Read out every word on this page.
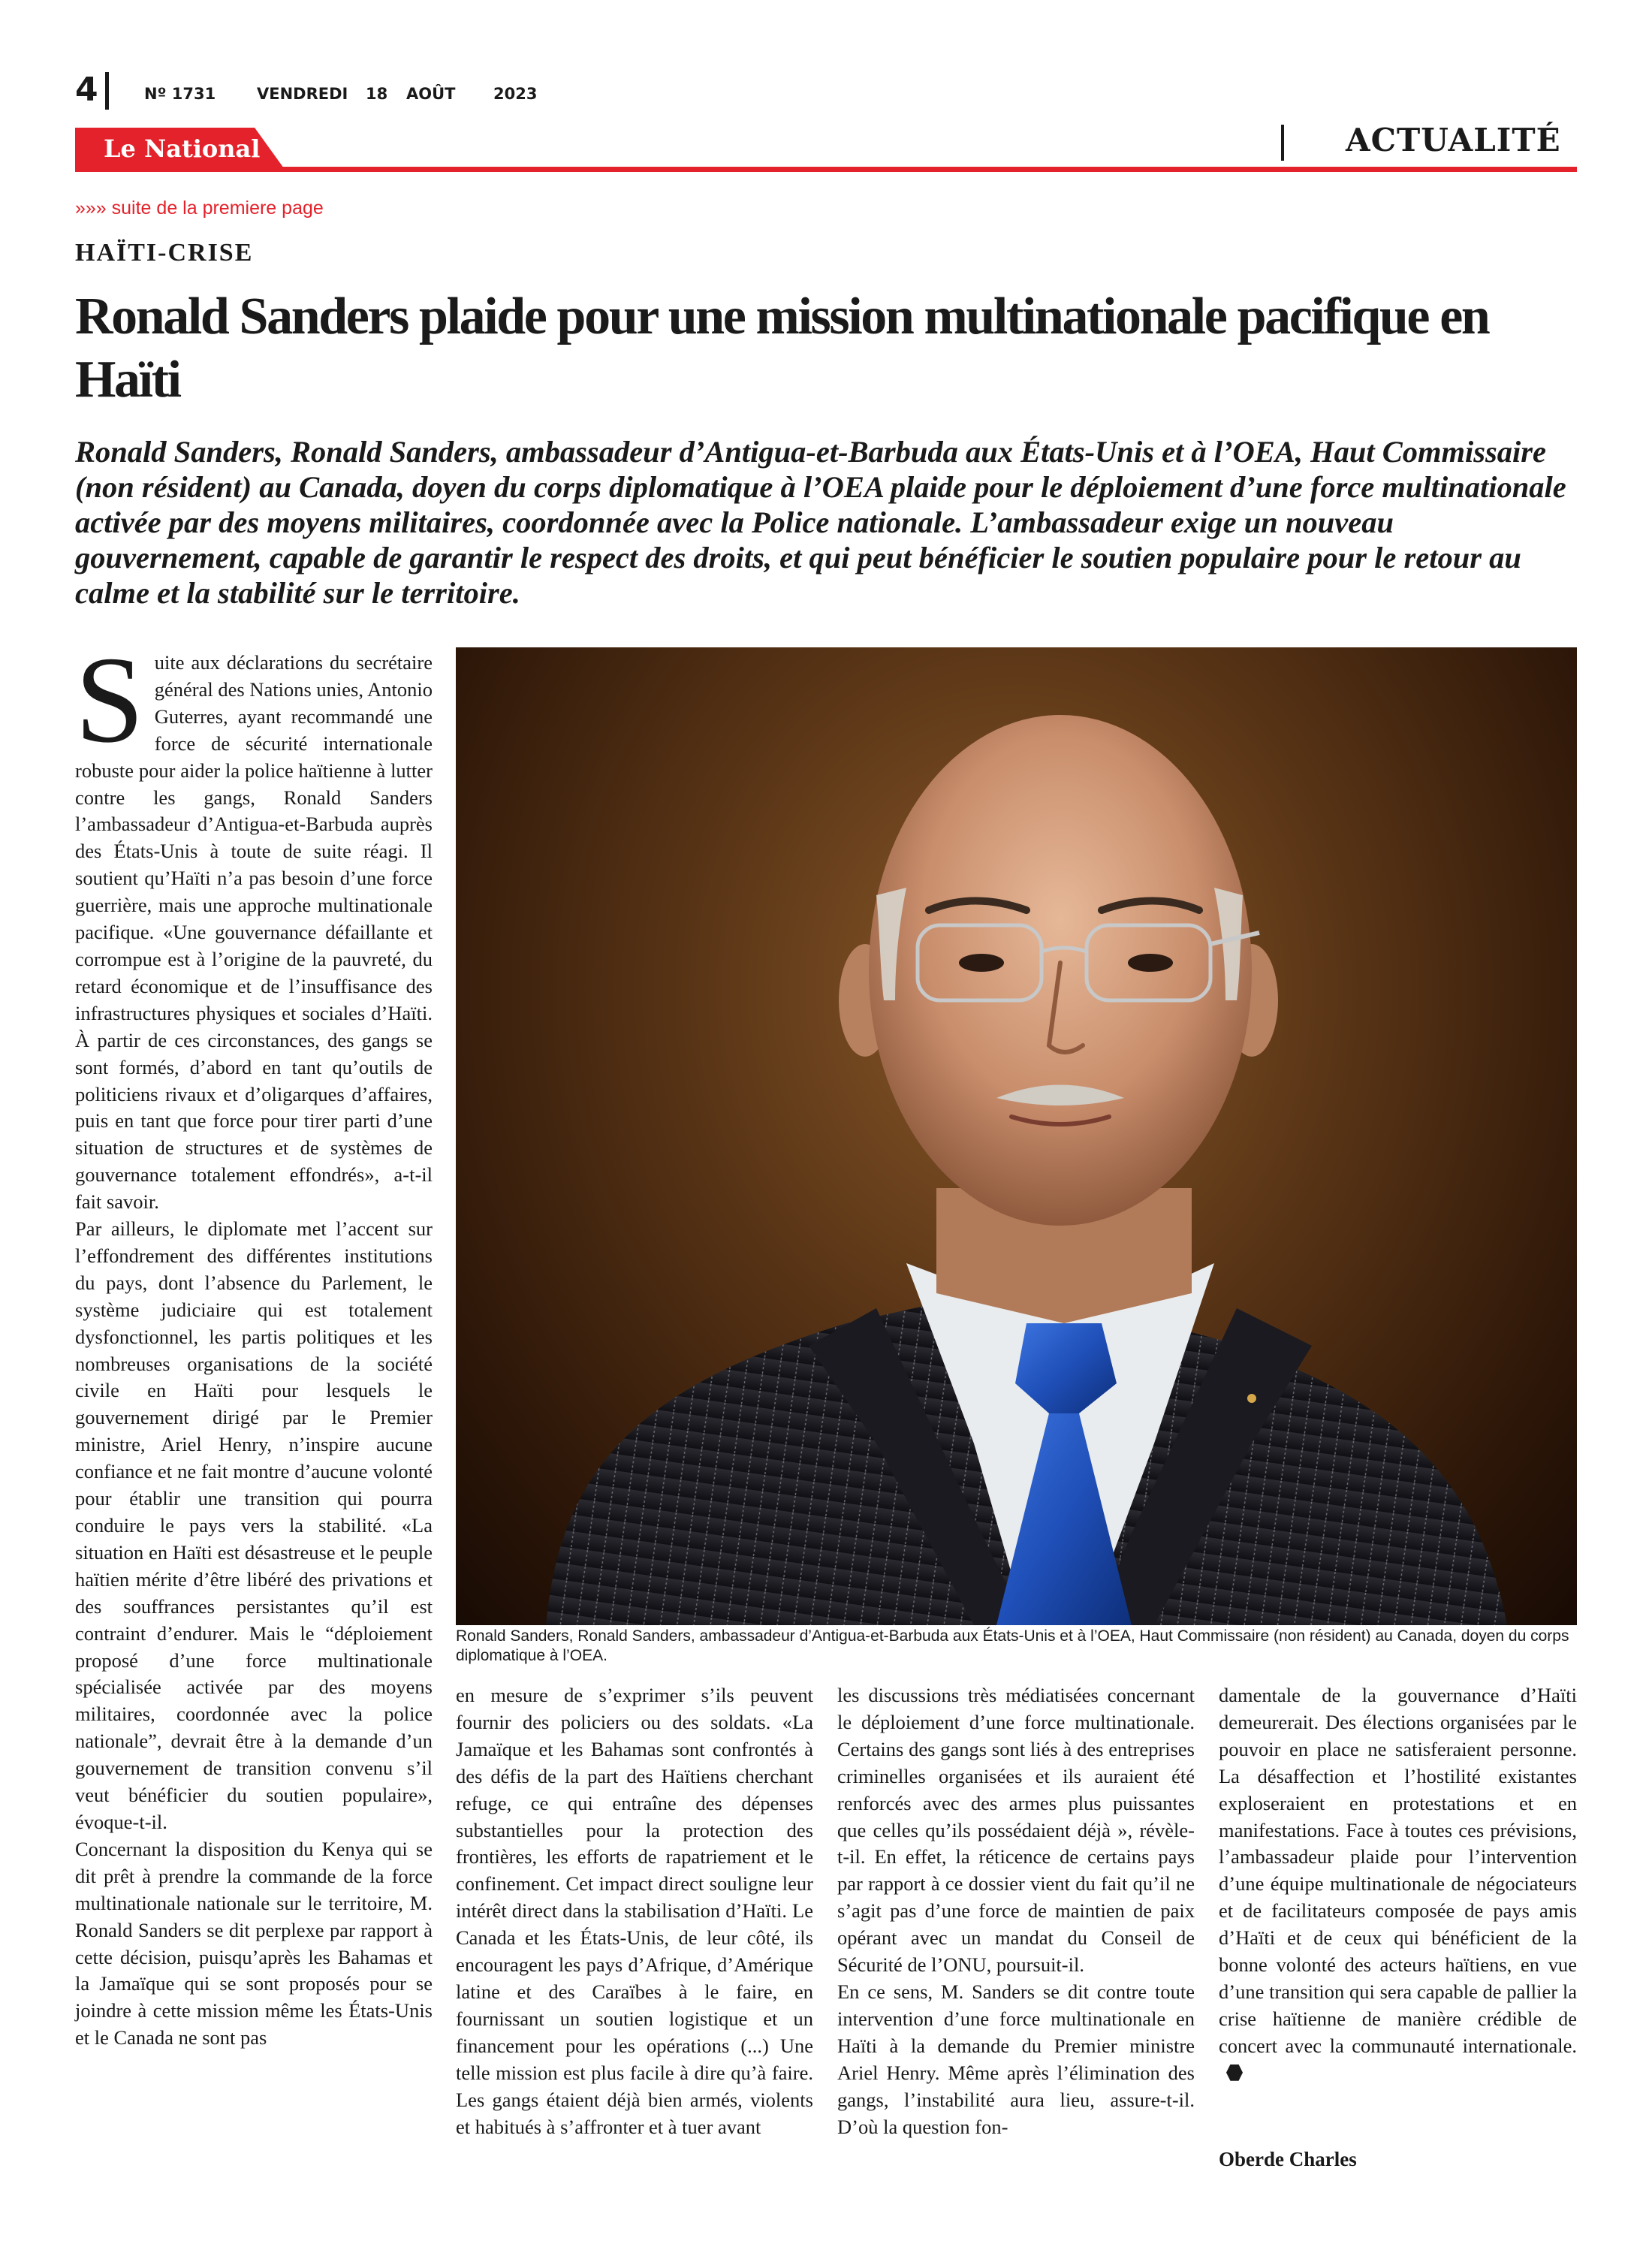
4	Nº 1731	VENDREDI 18 AOÛT 2023
Le National	ACTUALITÉ
»»» suite de la premiere page
HAÏTI-CRISE
Ronald Sanders plaide pour une mission multinationale pacifique en Haïti

Ronald Sanders, Ronald Sanders, ambassadeur d’Antigua-et-Barbuda aux États-Unis et à l’OEA, Haut Commissaire (non résident) au Canada, doyen du corps diplomatique à l’OEA plaide pour le déploiement d’une force multinationale activée par des moyens militaires, coordonnée avec la Police nationale. L’ambassadeur exige un nouveau gouvernement, capable de garantir le respect des droits, et qui peut bénéficier le soutien populaire pour le retour au calme et la stabilité sur le territoire.

Suite aux déclarations du secrétaire général des Nations unies, Antonio Guterres, ayant recommandé une force de sécurité internationale robuste pour aider la police haïtienne à lutter contre les gangs, Ronald Sanders l’ambassadeur d’Antigua-et-Barbuda auprès des États-Unis à toute de suite réagi. Il soutient qu’Haïti n’a pas besoin d’une force guerrière, mais une approche multinationale pacifique. «Une gouvernance défaillante et corrompue est à l’origine de la pauvreté, du retard économique et de l’insuffisance des infrastructures physiques et sociales d’Haïti. À partir de ces circonstances, des gangs se sont formés, d’abord en tant qu’outils de politiciens rivaux et d’oligarques d’affaires, puis en tant que force pour tirer parti d’une situation de structures et de systèmes de gouvernance totalement effondrés», a-t-il fait savoir.

Par ailleurs, le diplomate met l’accent sur l’effondrement des différentes institutions du pays, dont l’absence du Parlement, le système judiciaire qui est totalement dysfonctionnel, les partis politiques et les nombreuses organisations de la société civile en Haïti pour lesquels le gouvernement dirigé par le Premier ministre, Ariel Henry, n’inspire aucune confiance et ne fait montre d’aucune volonté pour établir une transition qui pourra conduire le pays vers la stabilité. «La situation en Haïti est désastreuse et le peuple haïtien mérite d’être libéré des privations et des souffrances persistantes qu’il est contraint d’endurer. Mais le “déploiement proposé d’une force multinationale spécialisée activée par des moyens militaires, coordonnée avec la police nationale”, devrait être à la demande d’un gouvernement de transition convenu s’il veut bénéficier du soutien populaire», évoque-t-il.

Concernant la disposition du Kenya qui se dit prêt à prendre la commande de la force multinationale nationale sur le territoire, M. Ronald Sanders se dit perplexe par rapport à cette décision, puisqu’après les Bahamas et la Jamaïque qui se sont proposés pour se joindre à cette mission même les États-Unis et le Canada ne sont pas

Ronald Sanders, Ronald Sanders, ambassadeur d’Antigua-et-Barbuda aux États-Unis et à l’OEA, Haut Commissaire (non résident) au Canada, doyen du corps diplomatique à l’OEA.

en mesure de s’exprimer s’ils peuvent fournir des policiers ou des soldats. «La Jamaïque et les Bahamas sont confrontés à des défis de la part des Haïtiens cherchant refuge, ce qui entraîne des dépenses substantielles pour la protection des frontières, les efforts de rapatriement et le confinement. Cet impact direct souligne leur intérêt direct dans la stabilisation d’Haïti. Le Canada et les États-Unis, de leur côté, ils encouragent les pays d’Afrique, d’Amérique latine et des Caraïbes à le faire, en fournissant un soutien logistique et un financement pour les opérations (...) Une telle mission est plus facile à dire qu’à faire. Les gangs étaient déjà bien armés, violents et habitués à s’affronter et à tuer avant

les discussions très médiatisées concernant le déploiement d’une force multinationale. Certains des gangs sont liés à des entreprises criminelles organisées et ils auraient été renforcés avec des armes plus puissantes que celles qu’ils possédaient déjà », révèle-t-il. En effet, la réticence de certains pays par rapport à ce dossier vient du fait qu’il ne s’agit pas d’une force de maintien de paix opérant avec un mandat du Conseil de Sécurité de l’ONU, poursuit-il.

En ce sens, M. Sanders se dit contre toute intervention d’une force multinationale en Haïti à la demande du Premier ministre Ariel Henry. Même après l’élimination des gangs, l’instabilité aura lieu, assure-t-il. D’où la question fon-

damentale de la gouvernance d’Haïti demeurerait. Des élections organisées par le pouvoir en place ne satisferaient personne. La désaffection et l’hostilité existantes exploseraient en protestations et en manifestations. Face à toutes ces prévisions, l’ambassadeur plaide pour l’intervention d’une équipe multinationale de négociateurs et de facilitateurs composée de pays amis d’Haïti et de ceux qui bénéficient de la bonne volonté des acteurs haïtiens, en vue d’une transition qui sera capable de pallier la crise haïtienne de manière crédible de concert avec la communauté internationale.

Oberde Charles
